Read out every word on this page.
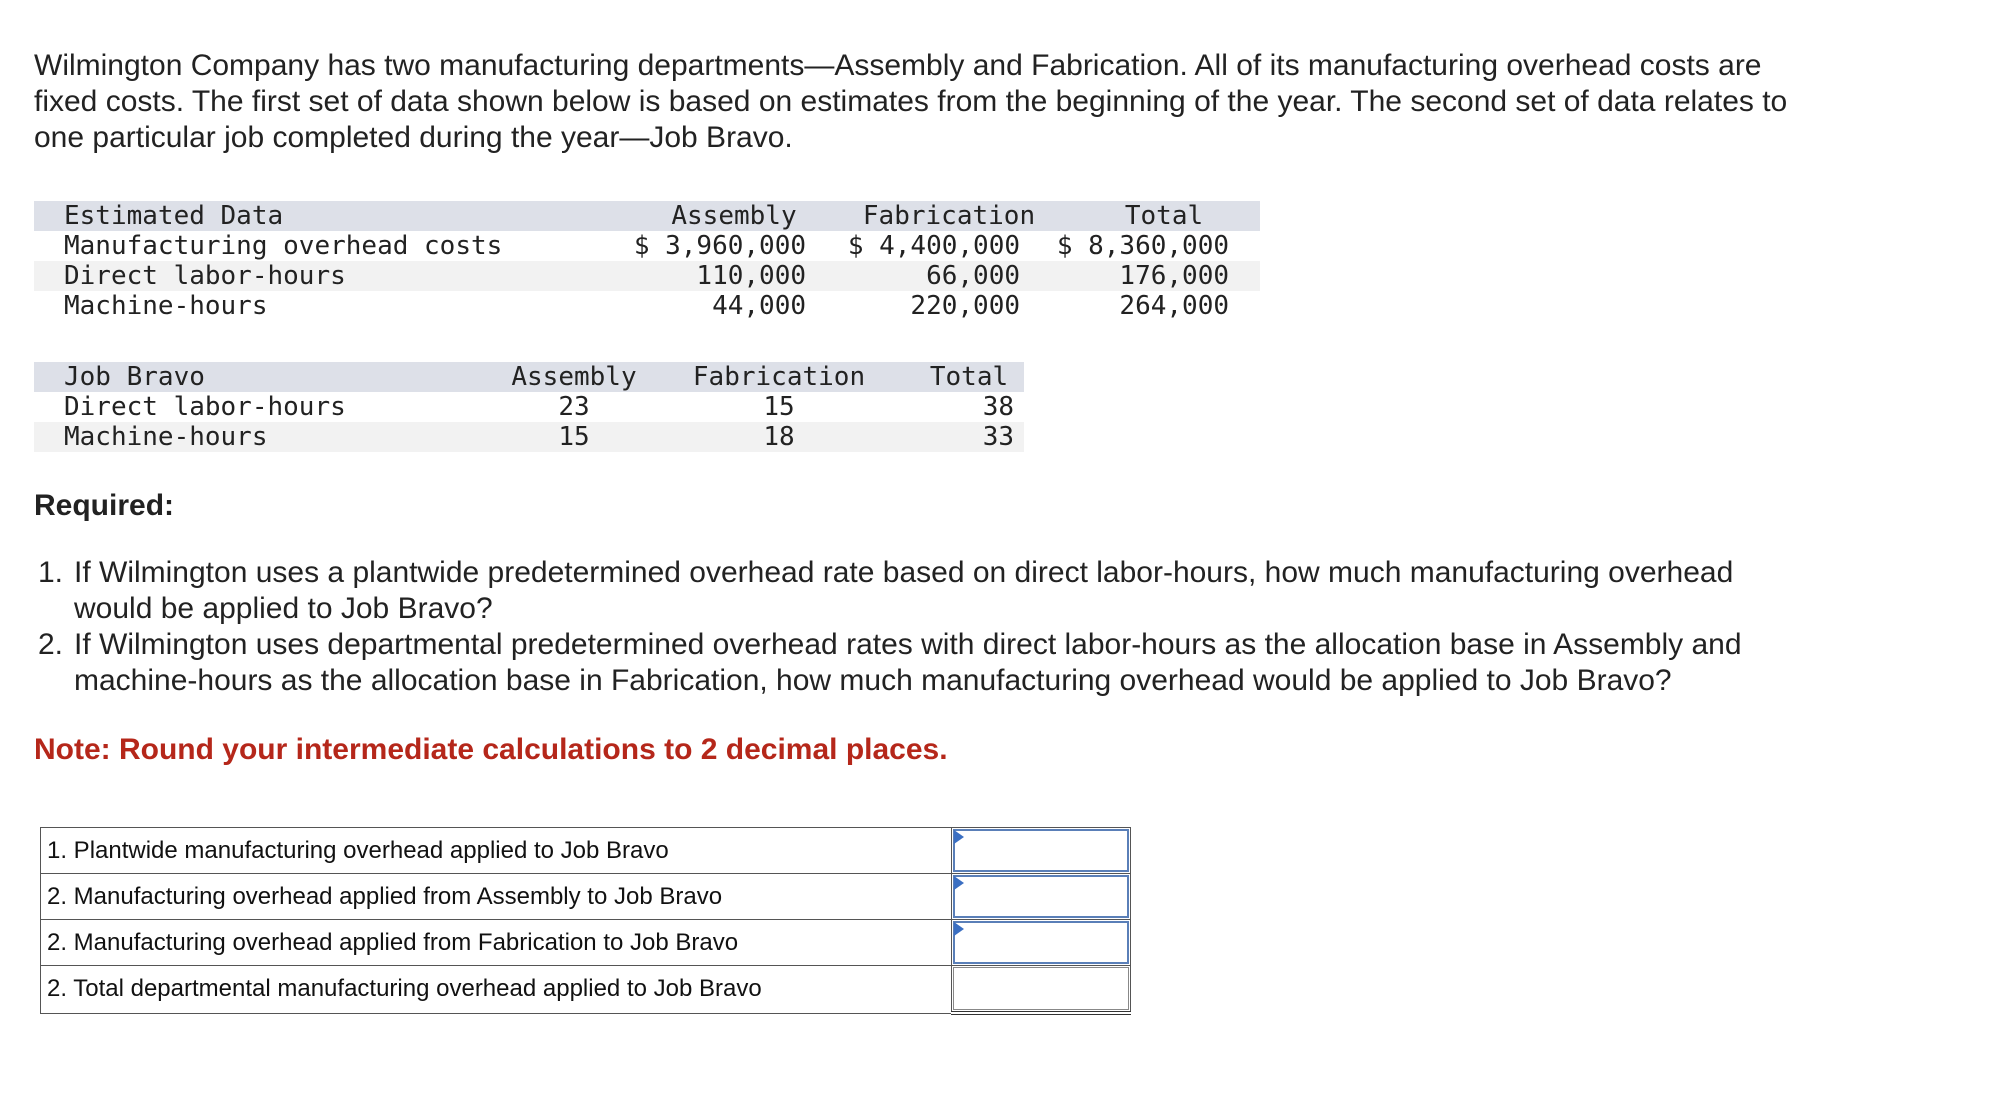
Wilmington Company has two manufacturing departments—Assembly and Fabrication. All of its manufacturing overhead costs are
fixed costs. The first set of data shown below is based on estimates from the beginning of the year. The second set of data relates to
one particular job completed during the year—Job Bravo.

Estimated Data	Assembly	Fabrication	Total
Manufacturing overhead costs	$ 3,960,000	$ 4,400,000	$ 8,360,000
Direct labor-hours	110,000	66,000	176,000
Machine-hours	44,000	220,000	264,000
Job Bravo	Assembly	Fabrication	Total
Direct labor-hours	23	15	38
Machine-hours	15	18	33

Required:

1. If Wilmington uses a plantwide predetermined overhead rate based on direct labor-hours, how much manufacturing overhead
would be applied to Job Bravo?
2. If Wilmington uses departmental predetermined overhead rates with direct labor-hours as the allocation base in Assembly and
machine-hours as the allocation base in Fabrication, how much manufacturing overhead would be applied to Job Bravo?

Note: Round your intermediate calculations to 2 decimal places.

1. Plantwide manufacturing overhead applied to Job Bravo	

2. Manufacturing overhead applied from Assembly to Job Bravo	

2. Manufacturing overhead applied from Fabrication to Job Bravo	

2. Total departmental manufacturing overhead applied to Job Bravo	
